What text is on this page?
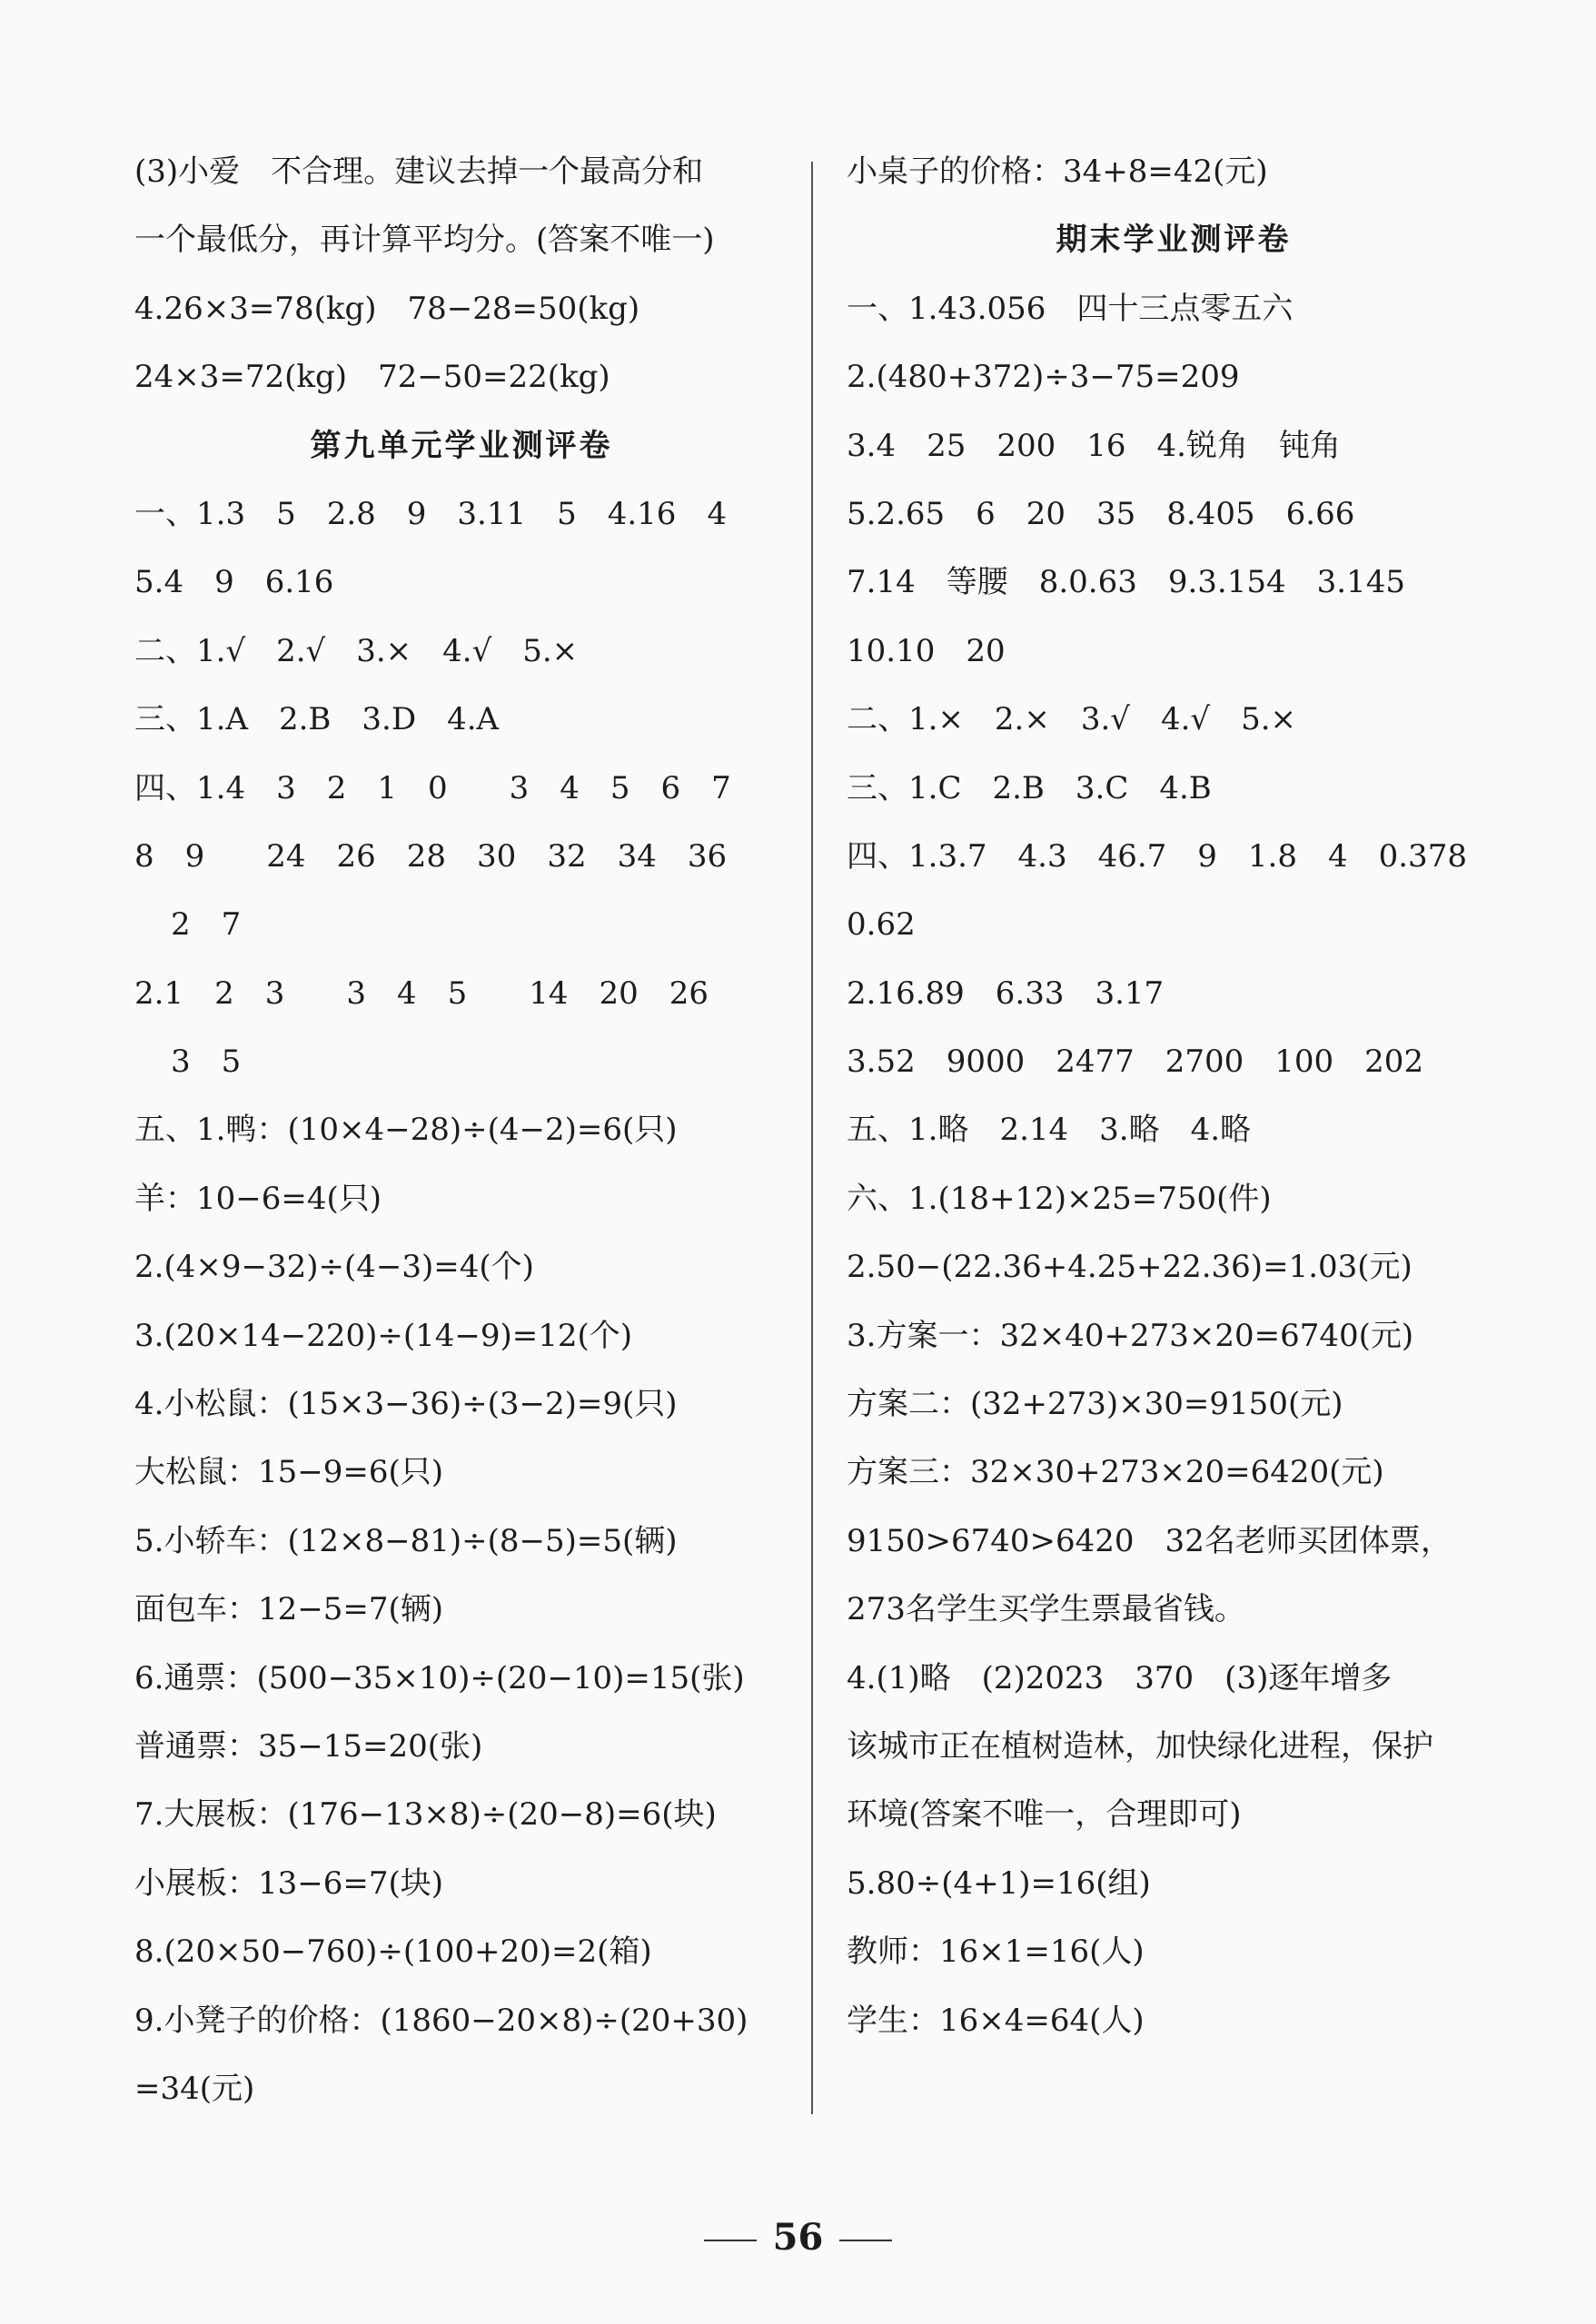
(3)小爱　不合理。建议去掉一个最高分和
一个最低分，再计算平均分。(答案不唯一)
4.26×3=78(kg)　78−28=50(kg)
24×3=72(kg)　72−50=22(kg)
第九单元学业测评卷
一、1.3　5　2.8　9　3.11　5　4.16　4
5.4　9　6.16
二、1.√　2.√　3.×　4.√　5.×
三、1.A　2.B　3.D　4.A
四、1.4　3　2　1　0　　3　4　5　6　7
8　9　　24　26　28　30　32　34　36
2　7
2.1　2　3　　3　4　5　　14　20　26
3　5
五、1.鸭：(10×4−28)÷(4−2)=6(只)
羊：10−6=4(只)
2.(4×9−32)÷(4−3)=4(个)
3.(20×14−220)÷(14−9)=12(个)
4.小松鼠：(15×3−36)÷(3−2)=9(只)
大松鼠：15−9=6(只)
5.小轿车：(12×8−81)÷(8−5)=5(辆)
面包车：12−5=7(辆)
6.通票：(500−35×10)÷(20−10)=15(张)
普通票：35−15=20(张)
7.大展板：(176−13×8)÷(20−8)=6(块)
小展板：13−6=7(块)
8.(20×50−760)÷(100+20)=2(箱)
9.小凳子的价格：(1860−20×8)÷(20+30)
=34(元)
小桌子的价格：34+8=42(元)
期末学业测评卷
一、1.43.056　四十三点零五六
2.(480+372)÷3−75=209
3.4　25　200　16　4.锐角　钝角
5.2.65　6　20　35　8.405　6.66
7.14　等腰　8.0.63　9.3.154　3.145
10.10　20
二、1.×　2.×　3.√　4.√　5.×
三、1.C　2.B　3.C　4.B
四、1.3.7　4.3　46.7　9　1.8　4　0.378
0.62
2.16.89　6.33　3.17
3.52　9000　2477　2700　100　202
五、1.略　2.14　3.略　4.略
六、1.(18+12)×25=750(件)
2.50−(22.36+4.25+22.36)=1.03(元)
3.方案一：32×40+273×20=6740(元)
方案二：(32+273)×30=9150(元)
方案三：32×30+273×20=6420(元)
9150>6740>6420　32名老师买团体票，
273名学生买学生票最省钱。
4.(1)略　(2)2023　370　(3)逐年增多
该城市正在植树造林，加快绿化进程，保护
环境(答案不唯一，合理即可)
5.80÷(4+1)=16(组)
教师：16×1=16(人)
学生：16×4=64(人)
56
